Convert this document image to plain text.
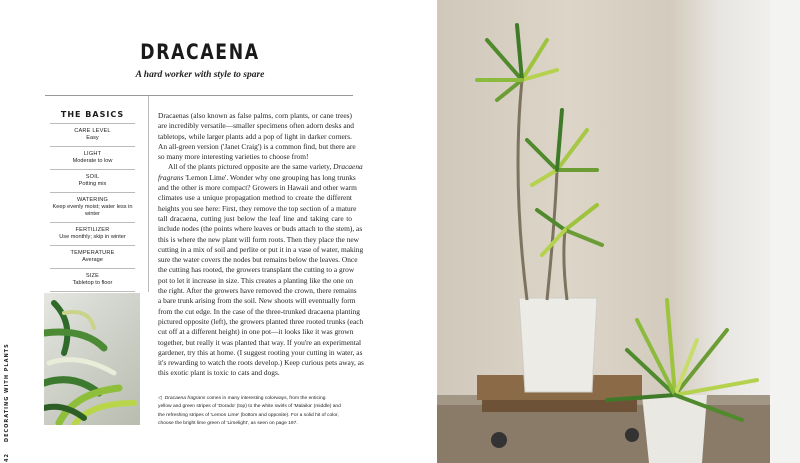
DRACAENA
A hard worker with style to spare
THE BASICS
CARE LEVEL
Easy
LIGHT
Moderate to low
SOIL
Potting mix
WATERING
Keep evenly moist; water less in winter
FERTILIZER
Use monthly; skip in winter
TEMPERATURE
Average
SIZE
Tabletop to floor
Dracaenas (also known as false palms, corn plants, or cane trees)
are incredibly versatile—smaller specimens often adorn desks and
tabletops, while larger plants add a pop of light in darker corners.
An all-green version ('Janet Craig') is a common find, but there are
so many more interesting varieties to choose from!
All of the plants pictured opposite are the same variety, Dracaena
fragrans 'Lemon Lime'. Wonder why one grouping has long trunks
and the other is more compact? Growers in Hawaii and other warm
climates use a unique propagation method to create the different
heights you see here: First, they remove the top section of a mature
tall dracaena, cutting just below the leaf line and taking care to
include nodes (the points where leaves or buds attach to the stem), as
this is where the new plant will form roots. Then they place the new
cutting in a mix of soil and perlite or put it in a vase of water, making
sure the water covers the nodes but remains below the leaves. Once
the cutting has rooted, the growers transplant the cutting to a grow
pot to let it increase in size. This creates a planting like the one on
the right. After the growers have removed the crown, there remains
a bare trunk arising from the soil. New shoots will eventually form
from the cut edge. In the case of the three-trunked dracaena planting
pictured opposite (left), the growers planted three rooted trunks (each
cut off at a different height) in one pot—it looks like it was grown
together, but really it was planted that way. If you're an experimental
gardener, try this at home. (I suggest rooting your cutting in water, as
it's rewarding to watch the roots develop.) Keep curious pets away, as
this exotic plant is toxic to cats and dogs.
◁ Dracaena fragrans comes in many interesting colorways, from the enticing
yellow and green stripes of 'Dorado' (top) to the white swirls of 'Malaika' (middle) and
the refreshing stripes of 'Lemon Lime' (bottom and opposite). For a solid hit of color,
choose the bright lime green of 'Limelight', as seen on page 197.
42    DECORATING WITH PLANTS
